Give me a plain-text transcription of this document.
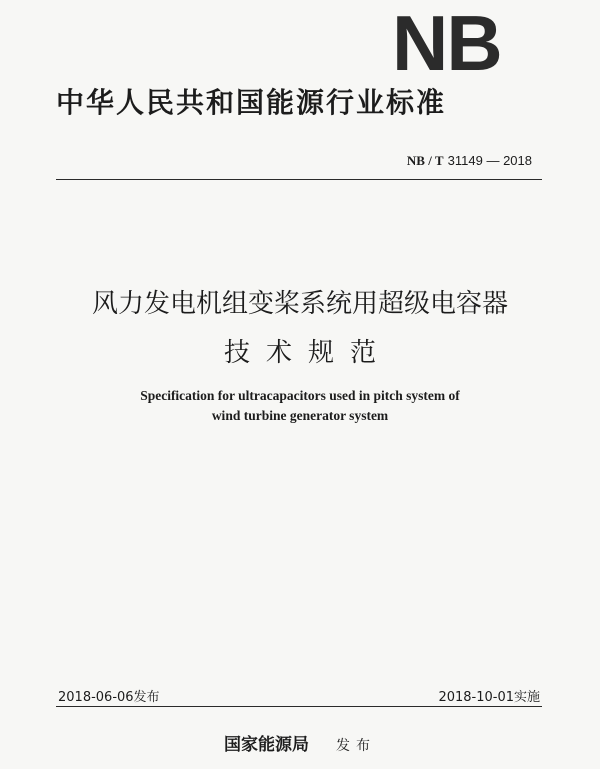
NB
中华人民共和国能源行业标准
NB / T 31149 — 2018
风力发电机组变桨系统用超级电容器
技术规范
Specification for ultracapacitors used in pitch system of
wind turbine generator system
2018-06-06发布	2018-10-01实施
国家能源局 发布
